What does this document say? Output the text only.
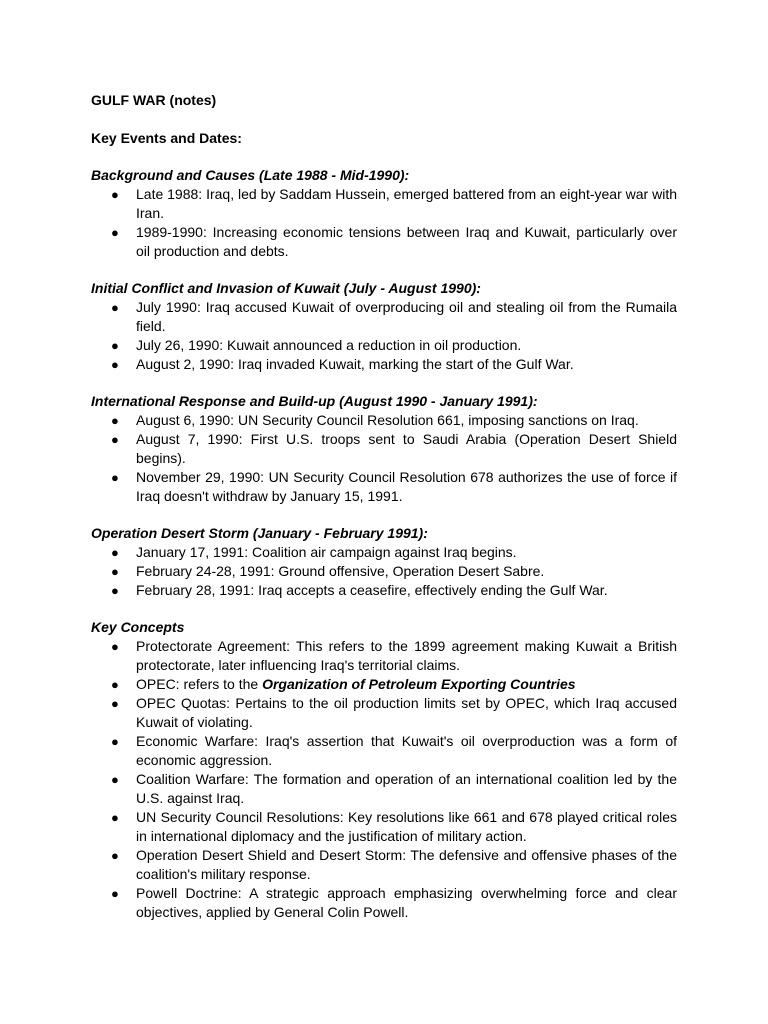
GULF WAR (notes)

Key Events and Dates:

Background and Causes (Late 1988 - Mid-1990):

● Late 1988: Iraq, led by Saddam Hussein, emerged battered from an eight-year war with Iran.
● 1989-1990: Increasing economic tensions between Iraq and Kuwait, particularly over oil production and debts.

Initial Conflict and Invasion of Kuwait (July - August 1990):

● July 1990: Iraq accused Kuwait of overproducing oil and stealing oil from the Rumaila field.
● July 26, 1990: Kuwait announced a reduction in oil production.
● August 2, 1990: Iraq invaded Kuwait, marking the start of the Gulf War.

International Response and Build-up (August 1990 - January 1991):

● August 6, 1990: UN Security Council Resolution 661, imposing sanctions on Iraq.
● August 7, 1990: First U.S. troops sent to Saudi Arabia (Operation Desert Shield begins).
● November 29, 1990: UN Security Council Resolution 678 authorizes the use of force if Iraq doesn't withdraw by January 15, 1991.

Operation Desert Storm (January - February 1991):

● January 17, 1991: Coalition air campaign against Iraq begins.
● February 24-28, 1991: Ground offensive, Operation Desert Sabre.
● February 28, 1991: Iraq accepts a ceasefire, effectively ending the Gulf War.

Key Concepts

● Protectorate Agreement: This refers to the 1899 agreement making Kuwait a British protectorate, later influencing Iraq's territorial claims.
● OPEC: refers to the Organization of Petroleum Exporting Countries
● OPEC Quotas: Pertains to the oil production limits set by OPEC, which Iraq accused Kuwait of violating.
● Economic Warfare: Iraq's assertion that Kuwait's oil overproduction was a form of economic aggression.
● Coalition Warfare: The formation and operation of an international coalition led by the U.S. against Iraq.
● UN Security Council Resolutions: Key resolutions like 661 and 678 played critical roles in international diplomacy and the justification of military action.
● Operation Desert Shield and Desert Storm: The defensive and offensive phases of the coalition's military response.
● Powell Doctrine: A strategic approach emphasizing overwhelming force and clear objectives, applied by General Colin Powell.
